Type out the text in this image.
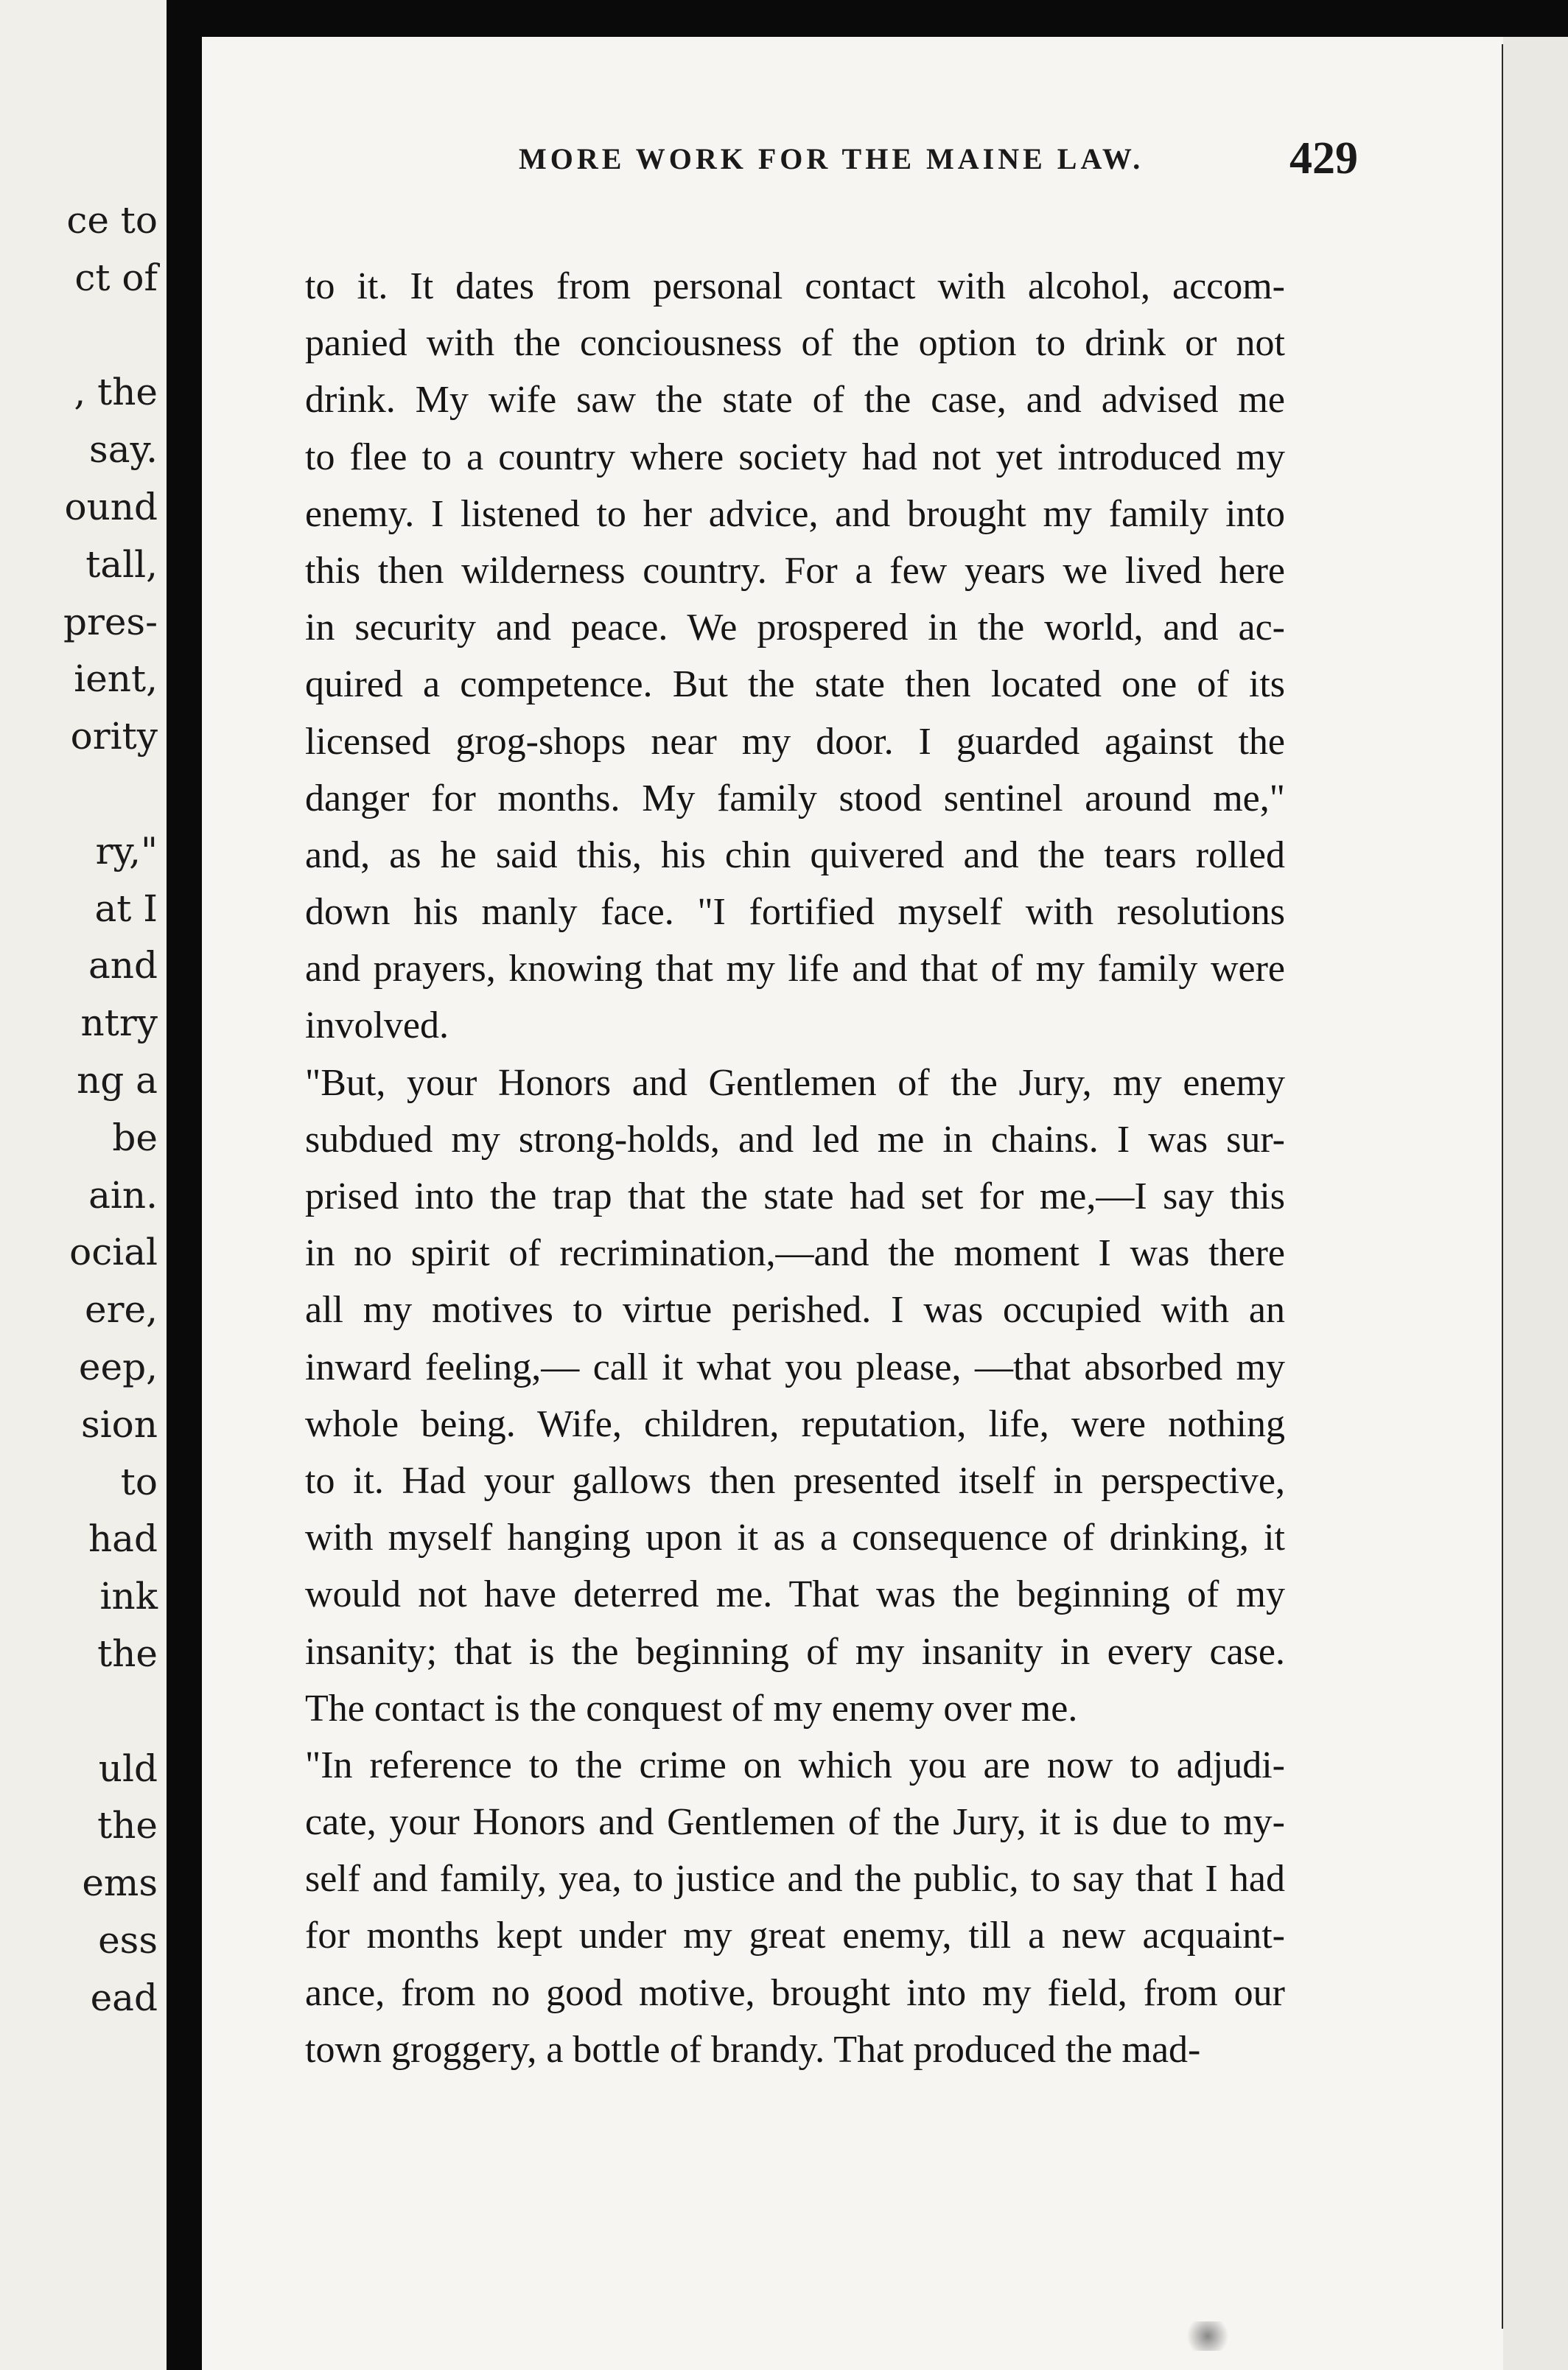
ce to

ct of

, the

say.

ound

tall,

pres-

ient,

ority

ry,"

at I

and

ntry

ng a

be

ain.

ocial

ere,

eep,

sion

to

had

ink

the

uld

the

ems

ess

ead

MORE WORK FOR THE MAINE LAW.	429

to it. It dates from personal contact with alcohol, accom-

panied with the conciousness of the option to drink or not

drink. My wife saw the state of the case, and advised me

to flee to a country where society had not yet introduced my

enemy. I listened to her advice, and brought my family into

this then wilderness country. For a few years we lived here

in security and peace. We prospered in the world, and ac-

quired a competence. But the state then located one of its

licensed grog-shops near my door. I guarded against the

danger for months. My family stood sentinel around me,"

and, as he said this, his chin quivered and the tears rolled

down his manly face. "I fortified myself with resolutions

and prayers, knowing that my life and that of my family were

involved.

"But, your Honors and Gentlemen of the Jury, my enemy

subdued my strong-holds, and led me in chains. I was sur-

prised into the trap that the state had set for me,—I say this

in no spirit of recrimination,—and the moment I was there

all my motives to virtue perished. I was occupied with an

inward feeling,— call it what you please, —that absorbed my

whole being. Wife, children, reputation, life, were nothing

to it. Had your gallows then presented itself in perspective,

with myself hanging upon it as a consequence of drinking, it

would not have deterred me. That was the beginning of my

insanity; that is the beginning of my insanity in every case.

The contact is the conquest of my enemy over me.

"In reference to the crime on which you are now to adjudi-

cate, your Honors and Gentlemen of the Jury, it is due to my-

self and family, yea, to justice and the public, to say that I had

for months kept under my great enemy, till a new acquaint-

ance, from no good motive, brought into my field, from our

town groggery, a bottle of brandy. That produced the mad-
